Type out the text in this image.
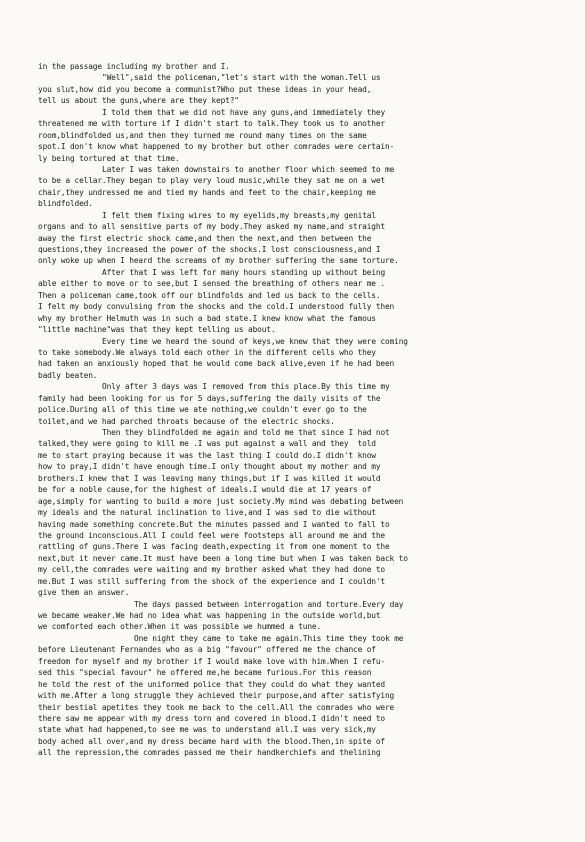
in the passage including my brother and I.
"Well",said the policeman,"let's start with the woman.Tell us
you slut,how did you become a communist?Who put these ideas in your head,
tell us about the guns,where are they kept?"
I told them that we did not have any guns,and immediately they
threatened me with torture if I didn't start to talk.They took us to another
room,blindfolded us,and then they turned me round many times on the same
spot.I don't know what happened to my brother but other comrades were certain-
ly being tortured at that time.
Later I was taken downstairs to another floor which seemed to me
to be a cellar.They began to play very loud music,while they sat me on a wet
chair,they undressed me and tied my hands and feet to the chair,keeping me
blindfolded.
I felt them fixing wires to my eyelids,my breasts,my genital
organs and to all sensitive parts of my body.They asked my name,and straight
away the first electric shock came,and then the next,and then between the
questions,they increased the power of the shocks.I lost consciousness,and I
only woke up when I heard the screams of my brother suffering the same torture.
After that I was left for many hours standing up without being
able either to move or to see,but I sensed the breathing of others near me .
Then a policeman came,took off our blindfolds and led us back to the cells.
I felt my body convulsing from the shocks and the cold.I understood fully then
why my brother Helmuth was in such a bad state.I knew know what the famous
"little machine"was that they kept telling us about.
Every time we heard the sound of keys,we knew that they were coming
to take somebody.We always told each other in the different cells who they
had taken an anxiously hoped that he would come back alive,even if he had been
badly beaten.
Only after 3 days was I removed from this place.By this time my
family had been looking for us for 5 days,suffering the daily visits of the
police.During all of this time we ate nothing,we couldn't ever go to the
toilet,and we had parched throats because of the electric shocks.
Then they blindfolded me again and told me that since I had not
talked,they were going to kill me .I was put against a wall and they  told
me to start praying because it was the last thing I could do.I didn't know
how to pray,I didn't have enough time.I only thought about my mother and my
brothers.I knew that I was leaving many things,but if I was killed it would
be for a noble cause,for the highest of ideals.I would die at 17 years of
age,simply for wanting to build a more just society.My mind was debating between
my ideals and the natural inclination to live,and I was sad to die without
having made something concrete.But the minutes passed and I wanted to fall to
the ground inconscious.All I could feel were footsteps all around me and the
rattling of guns.There I was facing death,expecting it from one moment to the
next,but it never came.It must have been a long time but when I was taken back to
my cell,the comrades were waiting and my brother asked what they had done to
me.But I was still suffering from the shock of the experience and I couldn't
give them an answer.
The days passed between interrogation and torture.Every day
we became weaker.We had no idea what was happening in the outside world,but
we comforted each other.When it was possible we hummed a tune.
One night they came to take me again.This time they took me
before Lieutenant Fernandes who as a big "favour" offered me the chance of
freedom for myself and my brother if I would make love with him.When I refu-
sed this "special favour" he offered me,he became furious.For this reason
he told the rest of the uniformed police that they could do what they wanted
with me.After a long struggle they achieved their purpose,and after satisfying
their bestial apetites they took me back to the cell.All the comrades who were
there saw me appear with my dress torn and covered in blood.I didn't need to
state what had happened,to see me was to understand all.I was very sick,my
body ached all over,and my dress became hard with the blood.Then,in spite of
all the repression,the comrades passed me their handkerchiefs and thelining
